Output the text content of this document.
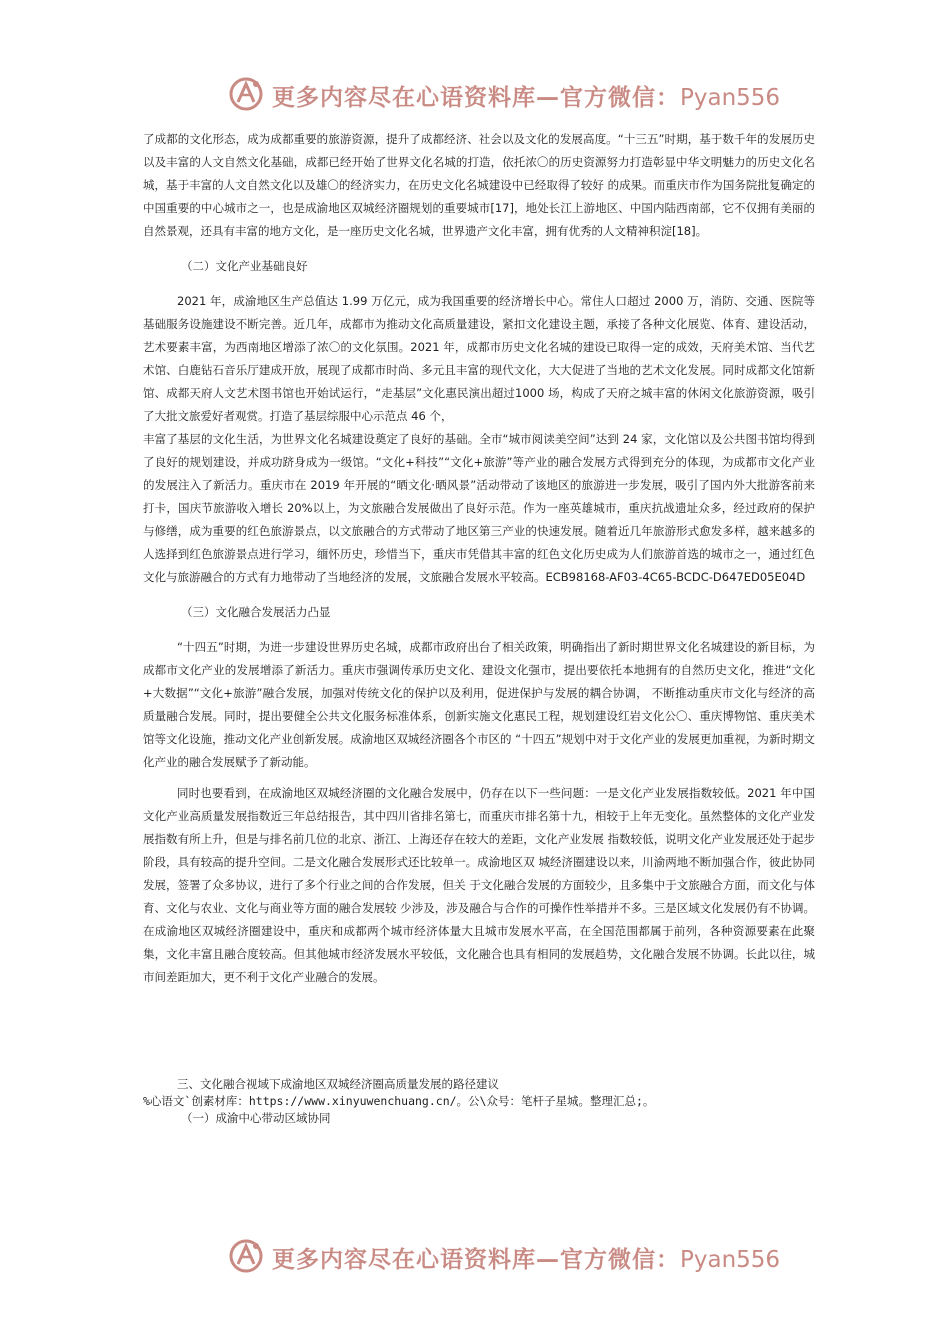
更多内容尽在心语资料库—官方微信：Pyan556

了成都的文化形态，成为成都重要的旅游资源，提升了成都经济、社会以及文化的发展高度。“十三五”时期，基于数千年的发展历史以及丰富的人文自然文化基础，成都已经开始了世界文化名城的打造，依托浓〇的历史资源努力打造彰显中华文明魅力的历史文化名城，基于丰富的人文自然文化以及雄〇的经济实力，在历史文化名城建设中已经取得了较好 的成果。而重庆市作为国务院批复确定的中国重要的中心城市之一，也是成渝地区双城经济圈规划的重要城市[17]，地处长江上游地区、中国内陆西南部，它不仅拥有美丽的自然景观，还具有丰富的地方文化，是一座历史文化名城，世界遗产文化丰富，拥有优秀的人文精神积淀[18]。

（二）文化产业基础良好

2021 年，成渝地区生产总值达 1.99 万亿元，成为我国重要的经济增长中心。常住人口超过 2000 万，消防、交通、医院等基础服务设施建设不断完善。近几年，成都市为推动文化高质量建设，紧扣文化建设主题，承接了各种文化展览、体育、建设活动，艺术要素丰富，为西南地区增添了浓〇的文化氛围。2021 年，成都市历史文化名城的建设已取得一定的成效，天府美术馆、当代艺术馆、白鹿钻石音乐厅建成开放，展现了成都市时尚、多元且丰富的现代文化，大大促进了当地的艺术文化发展。同时成都文化馆新馆、成都天府人文艺术图书馆也开始试运行，“走基层”文化惠民演出超过1000 场，构成了天府之城丰富的休闲文化旅游资源，吸引了大批文旅爱好者观赏。打造了基层综服中心示范点 46 个，

丰富了基层的文化生活，为世界文化名城建设奠定了良好的基础。全市“城市阅读美空间”达到 24 家，文化馆以及公共图书馆均得到了良好的规划建设，并成功跻身成为一级馆。“文化+科技”“文化+旅游”等产业的融合发展方式得到充分的体现，为成都市文化产业的发展注入了新活力。重庆市在 2019 年开展的“晒文化·晒风景”活动带动了该地区的旅游进一步发展，吸引了国内外大批游客前来打卡，国庆节旅游收入增长 20%以上，为文旅融合发展做出了良好示范。作为一座英雄城市，重庆抗战遗址众多，经过政府的保护与修缮，成为重要的红色旅游景点，以文旅融合的方式带动了地区第三产业的快速发展。随着近几年旅游形式愈发多样，越来越多的人选择到红色旅游景点进行学习，缅怀历史，珍惜当下，重庆市凭借其丰富的红色文化历史成为人们旅游首选的城市之一，通过红色文化与旅游融合的方式有力地带动了当地经济的发展，文旅融合发展水平较高。ECB98168-AF03-4C65-BCDC-D647ED05E04D

（三）文化融合发展活力凸显

“十四五”时期，为进一步建设世界历史名城，成都市政府出台了相关政策，明确指出了新时期世界文化名城建设的新目标，为成都市文化产业的发展增添了新活力。重庆市强调传承历史文化、建设文化强市，提出要依托本地拥有的自然历史文化，推进“文化+大数据”“文化+旅游”融合发展，加强对传统文化的保护以及利用，促进保护与发展的耦合协调， 不断推动重庆市文化与经济的高质量融合发展。同时，提出要健全公共文化服务标准体系，创新实施文化惠民工程，规划建设红岩文化公〇、重庆博物馆、重庆美术馆等文化设施，推动文化产业创新发展。成渝地区双城经济圈各个市区的 “十四五”规划中对于文化产业的发展更加重视，为新时期文化产业的融合发展赋予了新动能。

同时也要看到，在成渝地区双城经济圈的文化融合发展中，仍存在以下一些问题：一是文化产业发展指数较低。2021 年中国文化产业高质量发展指数近三年总结报告，其中四川省排名第七，而重庆市排名第十九，相较于上年无变化。虽然整体的文化产业发展指数有所上升，但是与排名前几位的北京、浙江、上海还存在较大的差距，文化产业发展 指数较低，说明文化产业发展还处于起步阶段，具有较高的提升空间。二是文化融合发展形式还比较单一。成渝地区双 城经济圈建设以来，川渝两地不断加强合作，彼此协同发展，签署了众多协议，进行了多个行业之间的合作发展，但关 于文化融合发展的方面较少，且多集中于文旅融合方面，而文化与体育、文化与农业、文化与商业等方面的融合发展较 少涉及，涉及融合与合作的可操作性举措并不多。三是区域文化发展仍有不协调。在成渝地区双城经济圈建设中，重庆和成都两个城市经济体量大且城市发展水平高，在全国范围都属于前列，各种资源要素在此聚集，文化丰富且融合度较高。但其他城市经济发展水平较低，文化融合也具有相同的发展趋势，文化融合发展不协调。长此以往，城市间差距加大，更不利于文化产业融合的发展。

三、文化融合视域下成渝地区双城经济圈高质量发展的路径建议
%心语文`创素材库：https://www.xinyuwenchuang.cn/。公\众号：笔杆子星城。整理汇总;。
（一）成渝中心带动区域协同
更多内容尽在心语资料库—官方微信：Pyan556
